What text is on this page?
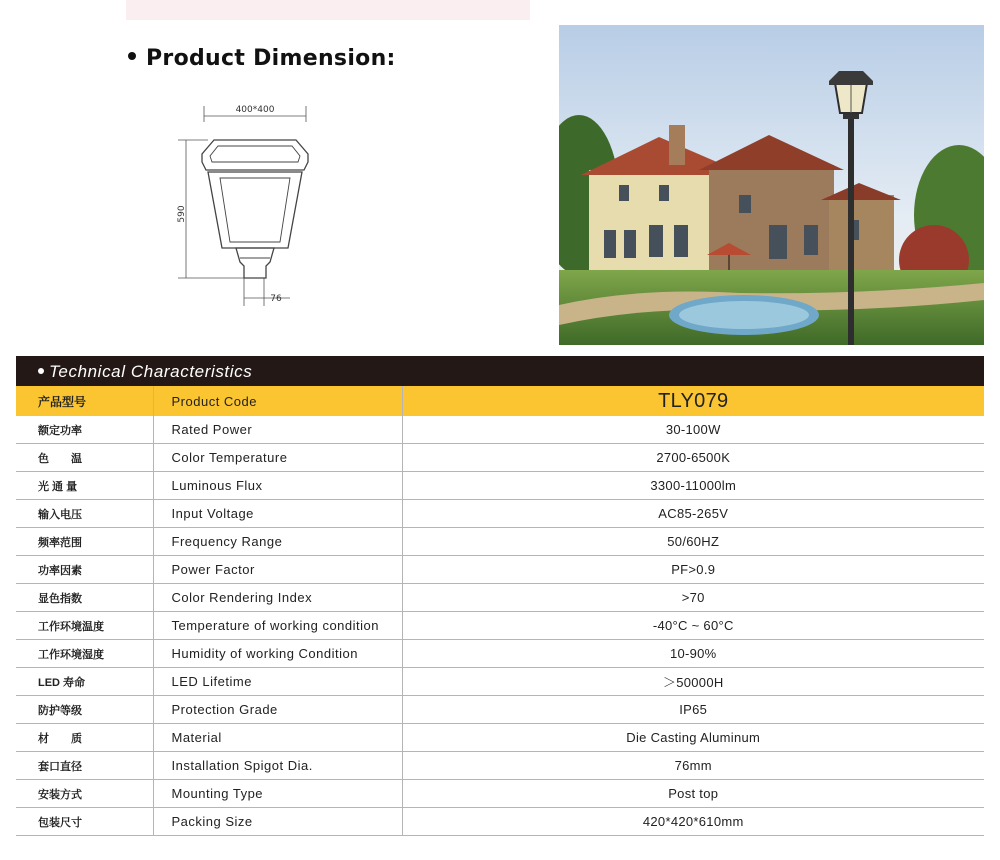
Product Dimension:
400*400
590
76
Technical Characteristics
产品型号	Product Code	TLY079
额定功率	Rated Power	30-100W
色　　温	Color Temperature	2700-6500K
光 通 量	Luminous Flux	3300-11000lm
输入电压	Input Voltage	AC85-265V
频率范围	Frequency Range	50/60HZ
功率因素	Power Factor	PF>0.9
显色指数	Color Rendering Index	>70
工作环境温度	Temperature of working condition	-40°C ~ 60°C
工作环境湿度	Humidity of working Condition	10-90%
LED 寿命	LED Lifetime	＞50000H
防护等级	Protection Grade	IP65
材　　质	Material	Die Casting Aluminum
套口直径	Installation Spigot Dia.	76mm
安装方式	Mounting Type	Post top
包装尺寸	Packing Size	420*420*610mm
